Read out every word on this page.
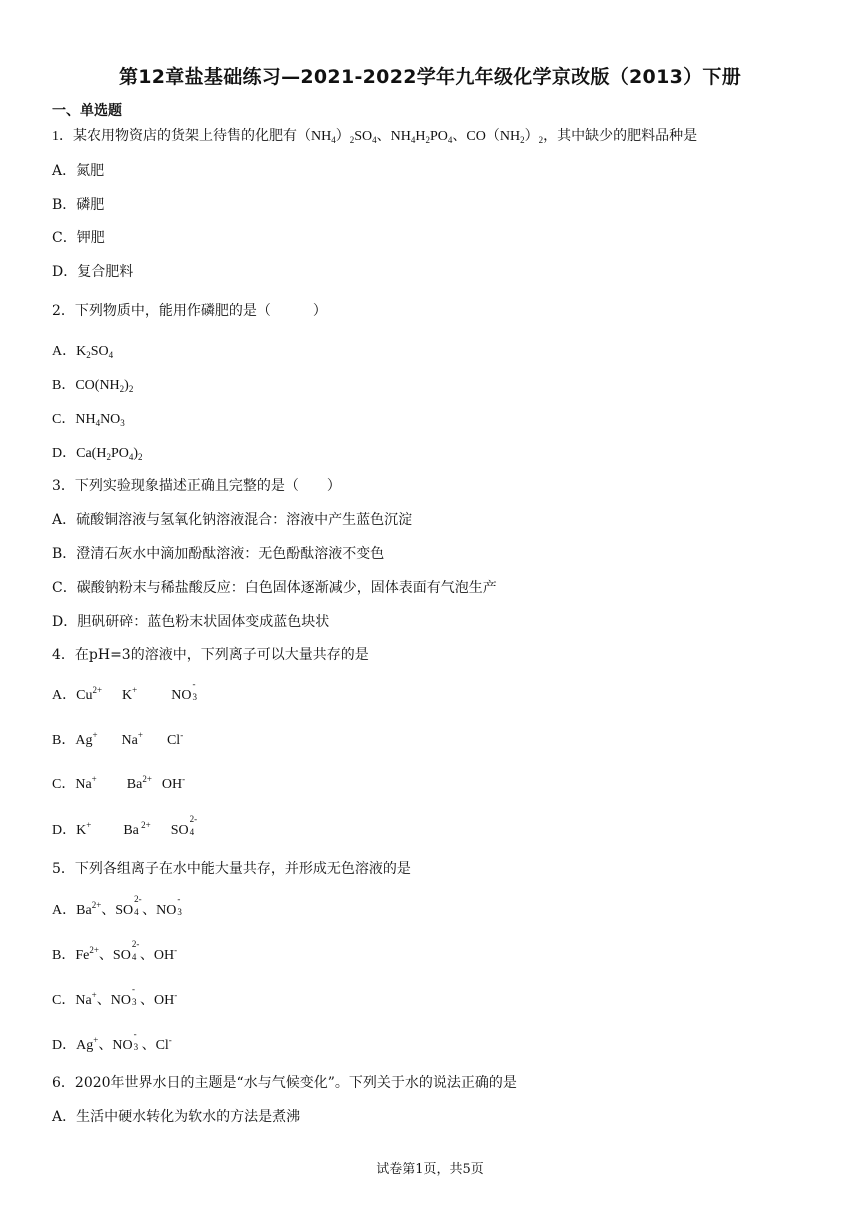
第12章盐基础练习—2021-2022学年九年级化学京改版（2013）下册
一、单选题
1．某农用物资店的货架上待售的化肥有$(NH_4)_2SO_4$、$NH_4H_2PO_4$、$CO(NH_2)_2$，其中缺少的肥料品种是
A．氮肥
B．磷肥
C．钾肥
D．复合肥料
2．下列物质中，能用作磷肥的是（　　　）
A．$K_2SO_4$
B．$CO(NH_2)_2$
C．$NH_4NO_3$
D．$Ca(H_2PO_4)_2$
3．下列实验现象描述正确且完整的是（　　）
A．硫酸铜溶液与氢氧化钠溶液混合：溶液中产生蓝色沉淀
B．澄清石灰水中滴加酚酞溶液：无色酚酞溶液不变色
C．碳酸钠粉末与稀盐酸反应：白色固体逐渐减少，固体表面有气泡生产
D．胆矾研碎：蓝色粉末状固体变成蓝色块状
4．在pH=3的溶液中，下列离子可以大量共存的是
A．$Cu^{2+}$ K+ NO
-
3
B．Ag+ Na+ Cl-
C．Na+ $Ba^{2+}$ OH-
D．K+ Ba $^{2+}$ SO
2-
4
5．下列各组离子在水中能大量共存，并形成无色溶液的是
A．$Ba^{2+}$、SO
2-
4 、NO
-
3
B．$Fe^{2+}$、SO
2-
4 、OH-
C．Na+、NO
-
3 、OH-
D．Ag+、NO
-
3 、Cl-
6．2020年世界水日的主题是“水与气候变化”。下列关于水的说法正确的是
A．生活中硬水转化为软水的方法是煮沸
试卷第1页，共5页
